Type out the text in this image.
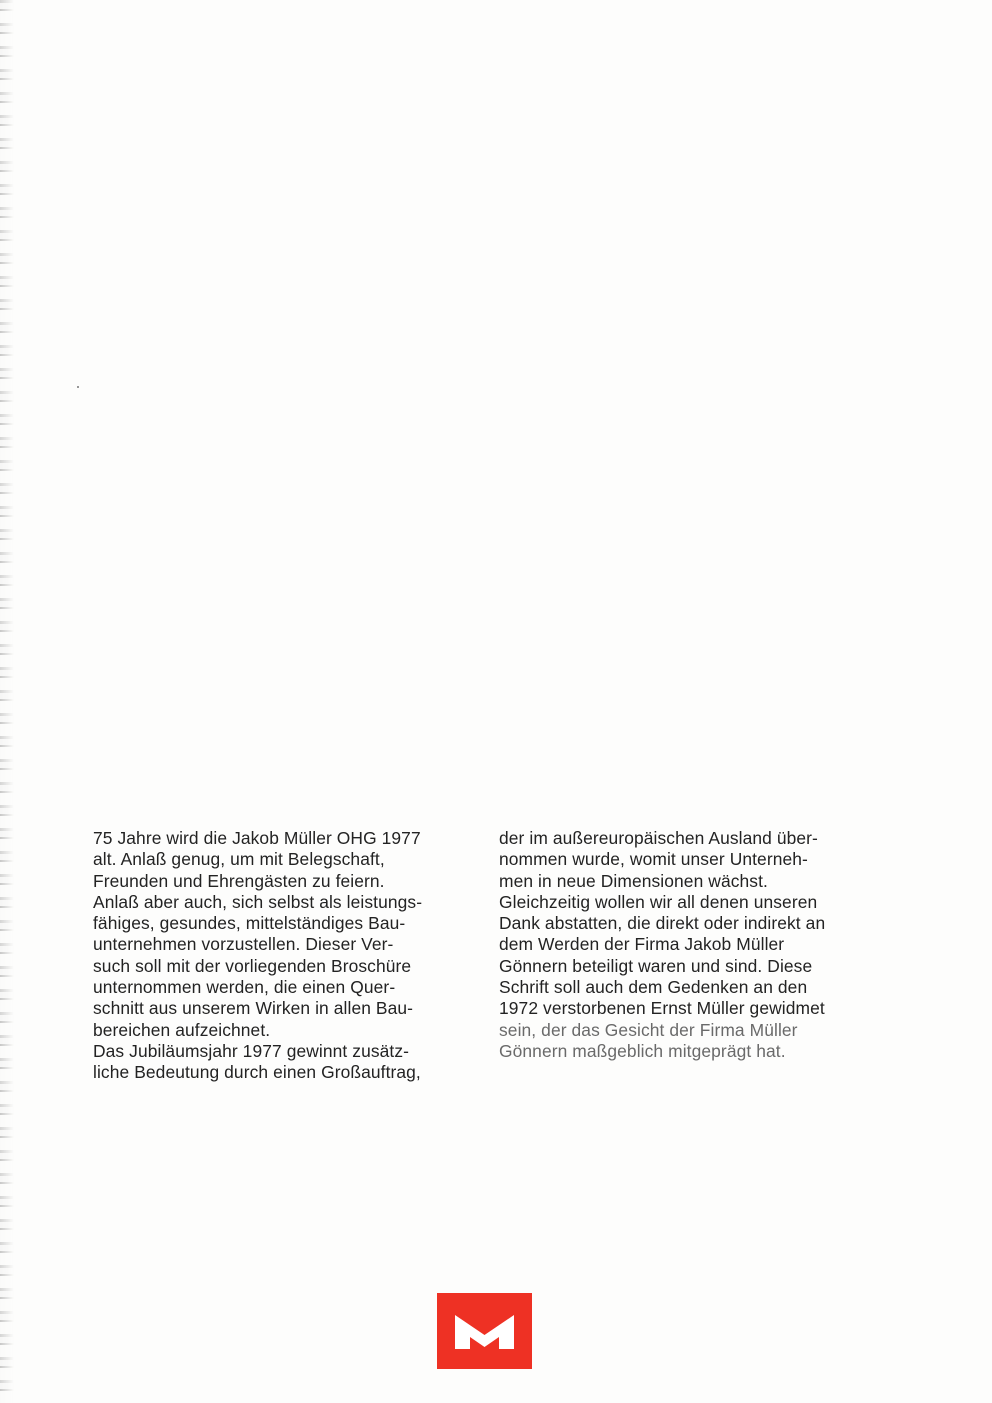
75 Jahre wird die Jakob Müller OHG 1977
alt. Anlaß genug, um mit Belegschaft,
Freunden und Ehrengästen zu feiern.
Anlaß aber auch, sich selbst als leistungs-
fähiges, gesundes, mittelständiges Bau-
unternehmen vorzustellen. Dieser Ver-
such soll mit der vorliegenden Broschüre
unternommen werden, die einen Quer-
schnitt aus unserem Wirken in allen Bau-
bereichen aufzeichnet.
Das Jubiläumsjahr 1977 gewinnt zusätz-
liche Bedeutung durch einen Großauftrag,
der im außereuropäischen Ausland über-
nommen wurde, womit unser Unterneh-
men in neue Dimensionen wächst.
Gleichzeitig wollen wir all denen unseren
Dank abstatten, die direkt oder indirekt an
dem Werden der Firma Jakob Müller
Gönnern beteiligt waren und sind. Diese
Schrift soll auch dem Gedenken an den
1972 verstorbenen Ernst Müller gewidmet
sein, der das Gesicht der Firma Müller
Gönnern maßgeblich mitgeprägt hat.
